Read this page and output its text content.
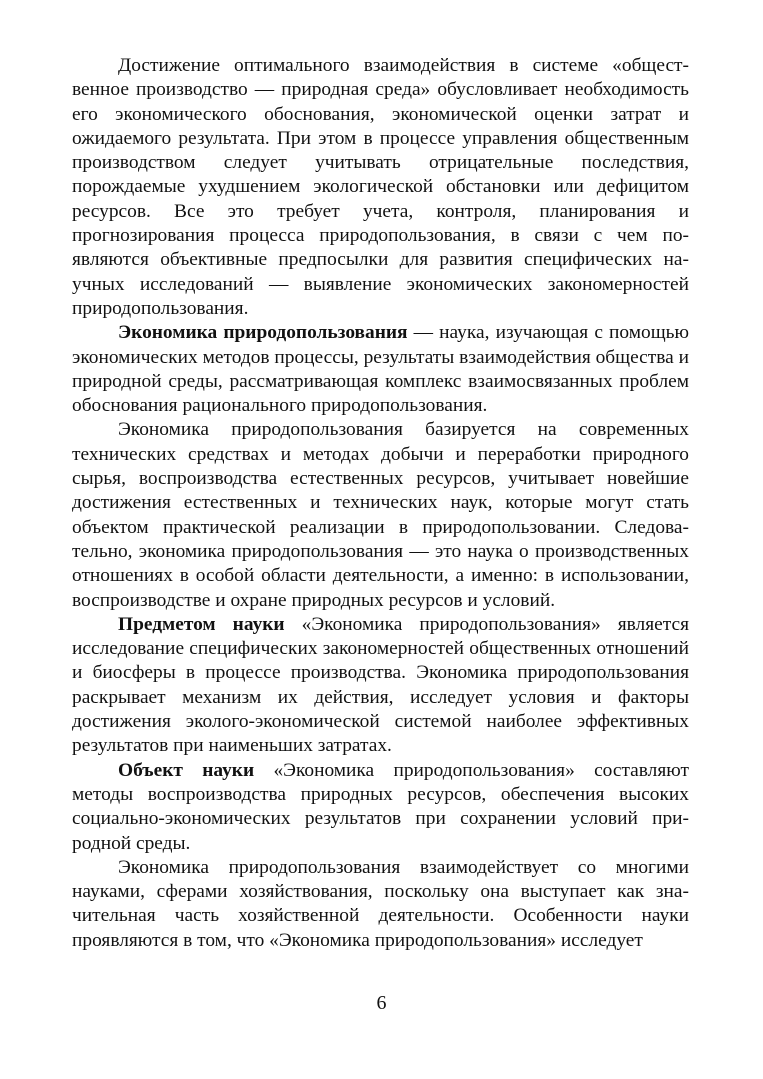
Достижение оптимального взаимодействия в системе «общественное производство — природная среда» обусловливает необходимость его экономического обоснования, экономической оценки затрат и ожидаемого результата. При этом в процессе управления общественным производством следует учитывать отрицательные последствия, порождаемые ухудшением экологической обстановки или дефицитом ресурсов. Все это требует учета, контроля, планирования и прогнозирования процесса природопользования, в связи с чем появляются объективные предпосылки для развития специфических научных исследований — выявление экономических закономерностей природопользования.

Экономика природопользования — наука, изучающая с помощью экономических методов процессы, результаты взаимодействия общества и природной среды, рассматривающая комплекс взаимосвязанных проблем обоснования рационального природопользования.

Экономика природопользования базируется на современных технических средствах и методах добычи и переработки природного сырья, воспроизводства естественных ресурсов, учитывает новейшие достижения естественных и технических наук, которые могут стать объектом практической реализации в природопользовании. Следовательно, экономика природопользования — это наука о производственных отношениях в особой области деятельности, а именно: в использовании, воспроизводстве и охране природных ресурсов и условий.

Предметом науки «Экономика природопользования» является исследование специфических закономерностей общественных отношений и биосферы в процессе производства. Экономика природопользования раскрывает механизм их действия, исследует условия и факторы достижения эколого-экономической системой наиболее эффективных результатов при наименьших затратах.

Объект науки «Экономика природопользования» составляют методы воспроизводства природных ресурсов, обеспечения высоких социально-экономических результатов при сохранении условий природной среды.

Экономика природопользования взаимодействует со многими науками, сферами хозяйствования, поскольку она выступает как значительная часть хозяйственной деятельности. Особенности науки проявляются в том, что «Экономика природопользования» исследует

6
